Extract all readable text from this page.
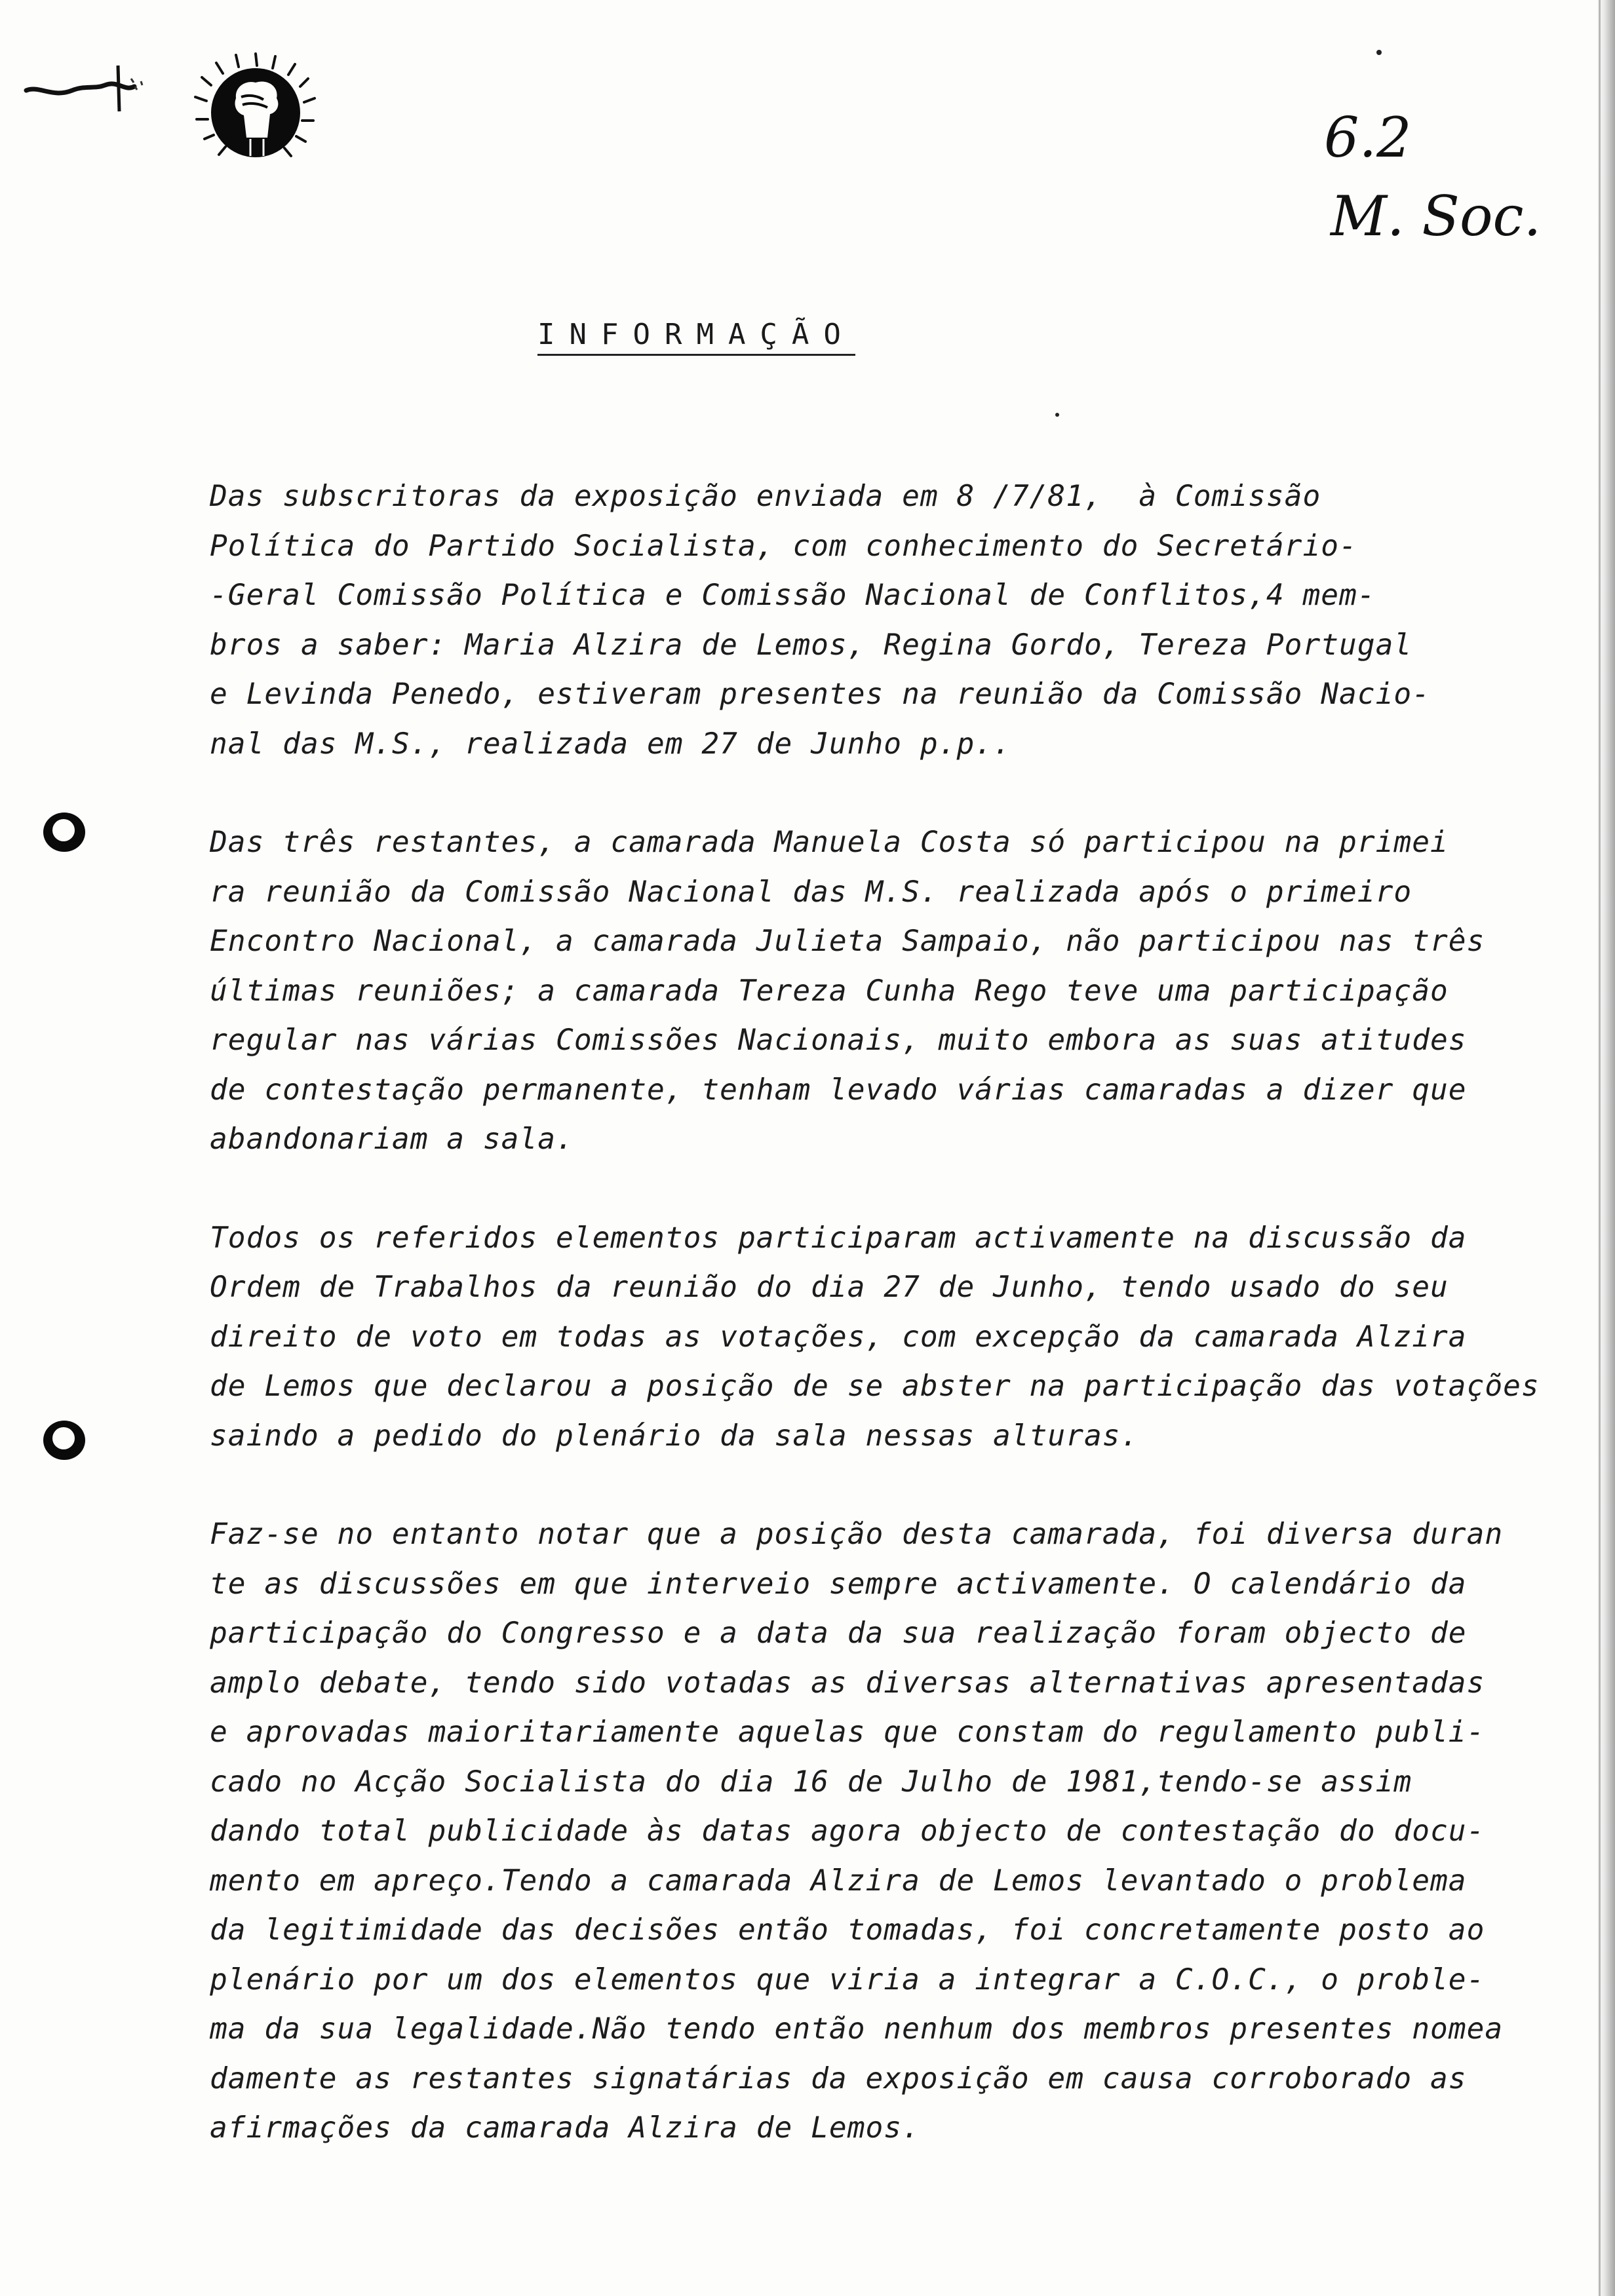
6.2
M. Soc.
INFORMAÇÃO
Das subscritoras da exposição enviada em 8 /7/81,  à Comissão
Política do Partido Socialista, com conhecimento do Secretário-
-Geral Comissão Política e Comissão Nacional de Conflitos,4 mem-
bros a saber: Maria Alzira de Lemos, Regina Gordo, Tereza Portugal
e Levinda Penedo, estiveram presentes na reunião da Comissão Nacio-
nal das M.S., realizada em 27 de Junho p.p..
Das três restantes, a camarada Manuela Costa só participou na primei
ra reunião da Comissão Nacional das M.S. realizada após o primeiro
Encontro Nacional, a camarada Julieta Sampaio, não participou nas três
últimas reuniões; a camarada Tereza Cunha Rego teve uma participação
regular nas várias Comissões Nacionais, muito embora as suas atitudes
de contestação permanente, tenham levado várias camaradas a dizer que
abandonariam a sala.
Todos os referidos elementos participaram activamente na discussão da
Ordem de Trabalhos da reunião do dia 27 de Junho, tendo usado do seu
direito de voto em todas as votações, com excepção da camarada Alzira
de Lemos que declarou a posição de se abster na participação das votações
saindo a pedido do plenário da sala nessas alturas.
Faz-se no entanto notar que a posição desta camarada, foi diversa duran
te as discussões em que interveio sempre activamente. O calendário da
participação do Congresso e a data da sua realização foram objecto de
amplo debate, tendo sido votadas as diversas alternativas apresentadas
e aprovadas maioritariamente aquelas que constam do regulamento publi-
cado no Acção Socialista do dia 16 de Julho de 1981,tendo-se assim
dando total publicidade às datas agora objecto de contestação do docu-
mento em apreço.Tendo a camarada Alzira de Lemos levantado o problema
da legitimidade das decisões então tomadas, foi concretamente posto ao
plenário por um dos elementos que viria a integrar a C.O.C., o proble-
ma da sua legalidade.Não tendo então nenhum dos membros presentes nomea
damente as restantes signatárias da exposição em causa corroborado as
afirmações da camarada Alzira de Lemos.
